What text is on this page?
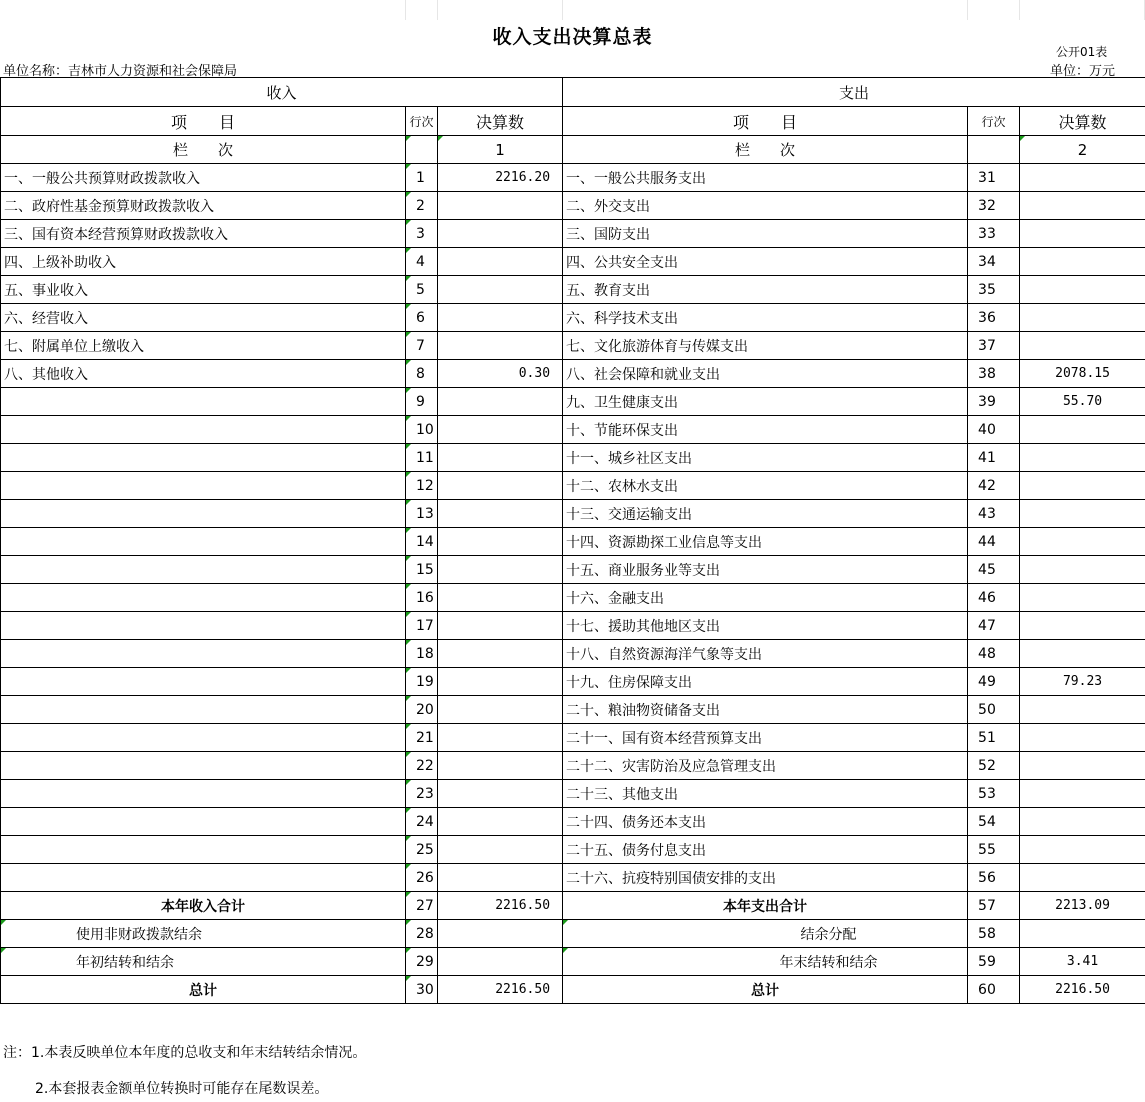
收入支出决算总表
公开01表
单位名称：吉林市人力资源和社会保障局	单位：万元
收入			支出		
项　　目	行次	决算数	项　　目	行次	决算数
栏　　次		1	栏　　次		2
一、一般公共预算财政拨款收入	1	2216.20	一、一般公共服务支出	31	
二、政府性基金预算财政拨款收入	2		二、外交支出	32	
三、国有资本经营预算财政拨款收入	3		三、国防支出	33	
四、上级补助收入	4		四、公共安全支出	34	
五、事业收入	5		五、教育支出	35	
六、经营收入	6		六、科学技术支出	36	
七、附属单位上缴收入	7		七、文化旅游体育与传媒支出	37	
八、其他收入	8	0.30	八、社会保障和就业支出	38	2078.15
	9		九、卫生健康支出	39	55.70
	10		十、节能环保支出	40	
	11		十一、城乡社区支出	41	
	12		十二、农林水支出	42	
	13		十三、交通运输支出	43	
	14		十四、资源勘探工业信息等支出	44	
	15		十五、商业服务业等支出	45	
	16		十六、金融支出	46	
	17		十七、援助其他地区支出	47	
	18		十八、自然资源海洋气象等支出	48	
	19		十九、住房保障支出	49	79.23
	20		二十、粮油物资储备支出	50	
	21		二十一、国有资本经营预算支出	51	
	22		二十二、灾害防治及应急管理支出	52	
	23		二十三、其他支出	53	
	24		二十四、债务还本支出	54	
	25		二十五、债务付息支出	55	
	26		二十六、抗疫特别国债安排的支出	56	
本年收入合计	27	2216.50	本年支出合计	57	2213.09
使用非财政拨款结余	28		结余分配	58	
年初结转和结余	29		年末结转和结余	59	3.41
总计	30	2216.50	总计	60	2216.50
注：1.本表反映单位本年度的总收支和年末结转结余情况。
2.本套报表金额单位转换时可能存在尾数误差。
